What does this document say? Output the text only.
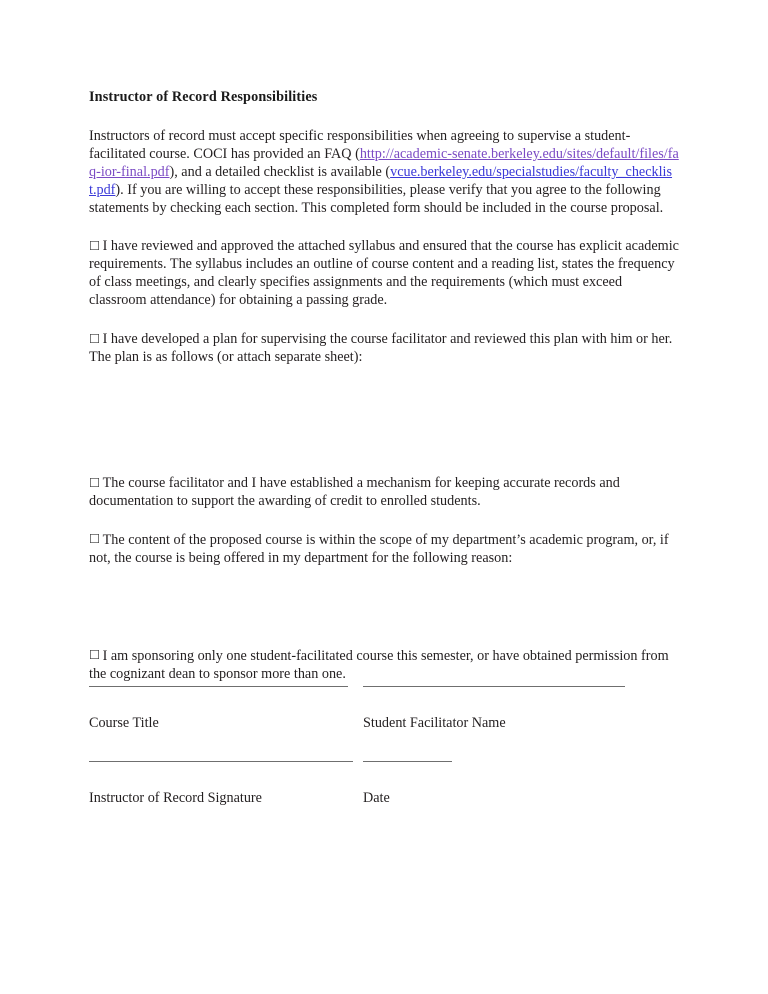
Instructor of Record Responsibilities

Instructors of record must accept specific responsibilities when agreeing to supervise a student-facilitated course. COCI has provided an FAQ (http://academic-senate.berkeley.edu/sites/default/files/faq-ior-final.pdf), and a detailed checklist is available (vcue.berkeley.edu/specialstudies/faculty_checklist.pdf). If you are willing to accept these responsibilities, please verify that you agree to the following statements by checking each section. This completed form should be included in the course proposal.

☐ I have reviewed and approved the attached syllabus and ensured that the course has explicit academic requirements. The syllabus includes an outline of course content and a reading list, states the frequency of class meetings, and clearly specifies assignments and the requirements (which must exceed classroom attendance) for obtaining a passing grade.

☐ I have developed a plan for supervising the course facilitator and reviewed this plan with him or her. The plan is as follows (or attach separate sheet):

☐ The course facilitator and I have established a mechanism for keeping accurate records and documentation to support the awarding of credit to enrolled students.

☐ The content of the proposed course is within the scope of my department’s academic program, or, if not, the course is being offered in my department for the following reason:

☐ I am sponsoring only one student-facilitated course this semester, or have obtained permission from the cognizant dean to sponsor more than one.

Course Title	Student Facilitator Name
Instructor of Record Signature	Date
